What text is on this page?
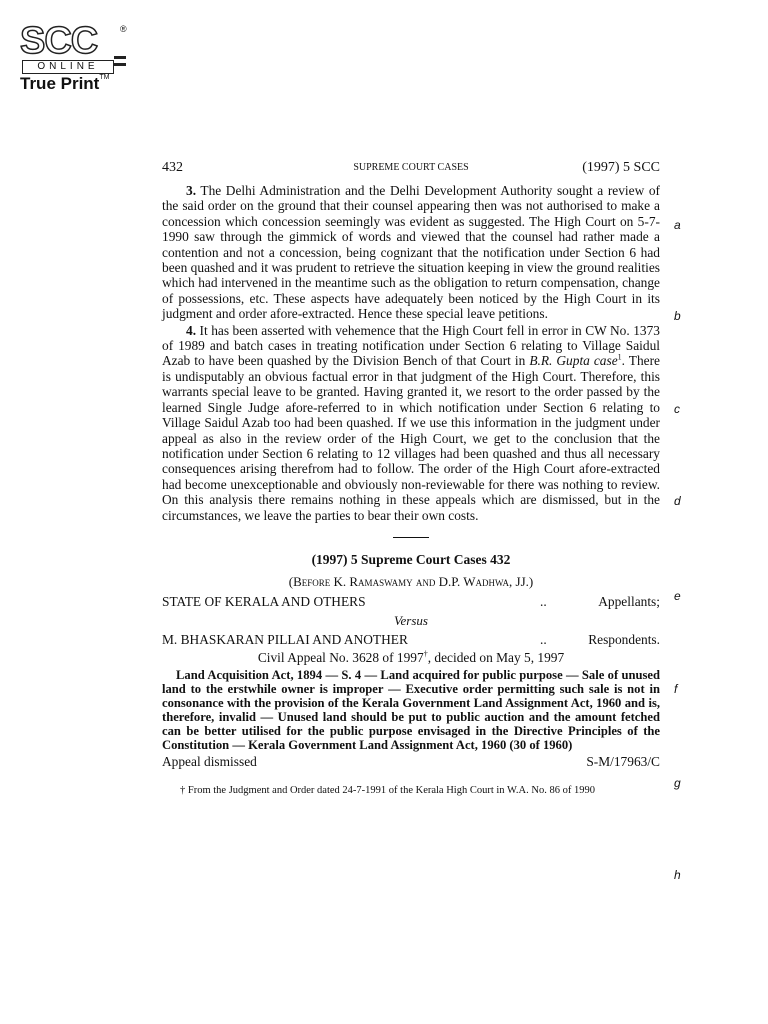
SCC	®
ONLINE
True Print™
432	SUPREME COURT CASES	(1997) 5 SCC

3. The Delhi Administration and the Delhi Development Authority sought a review of the said order on the ground that their counsel appearing then was not authorised to make a concession which concession seemingly was evident as suggested. The High Court on 5-7-1990 saw through the gimmick of words and viewed that the counsel had rather made a contention and not a concession, being cognizant that the notification under Section 6 had been quashed and it was prudent to retrieve the situation keeping in view the ground realities which had intervened in the meantime such as the obligation to return compensation, change of possessions, etc. These aspects have adequately been noticed by the High Court in its judgment and order afore-extracted. Hence these special leave petitions.

4. It has been asserted with vehemence that the High Court fell in error in CW No. 1373 of 1989 and batch cases in treating notification under Section 6 relating to Village Saidul Azab to have been quashed by the Division Bench of that Court in B.R. Gupta case$^1$. There is undisputably an obvious factual error in that judgment of the High Court. Therefore, this warrants special leave to be granted. Having granted it, we resort to the order passed by the learned Single Judge afore-referred to in which notification under Section 6 relating to Village Saidul Azab too had been quashed. If we use this information in the judgment under appeal as also in the review order of the High Court, we get to the conclusion that the notification under Section 6 relating to 12 villages had been quashed and thus all necessary consequences arising therefrom had to follow. The order of the High Court afore-extracted had become unexceptionable and obviously non-reviewable for there was nothing to review. On this analysis there remains nothing in these appeals which are dismissed, but in the circumstances, we leave the parties to bear their own costs.

(1997) 5 Supreme Court Cases 432

(Before K. Ramaswamy and D.P. Wadhwa, JJ.)

STATE OF KERALA AND OTHERS	..	Appellants;

Versus

M. BHASKARAN PILLAI AND ANOTHER	..	Respondents.

Civil Appeal No. 3628 of 1997†, decided on May 5, 1997

Land Acquisition Act, 1894 — S. 4 — Land acquired for public purpose — Sale of unused land to the erstwhile owner is improper — Executive order permitting such sale is not in consonance with the provision of the Kerala Government Land Assignment Act, 1960 and is, therefore, invalid — Unused land should be put to public auction and the amount fetched can be better utilised for the public purpose envisaged in the Directive Principles of the Constitution — Kerala Government Land Assignment Act, 1960 (30 of 1960)

Appeal dismissed	S-M/17963/C

† From the Judgment and Order dated 24-7-1991 of the Kerala High Court in W.A. No. 86 of 1990

a
b
c
d
e
f
g
h
